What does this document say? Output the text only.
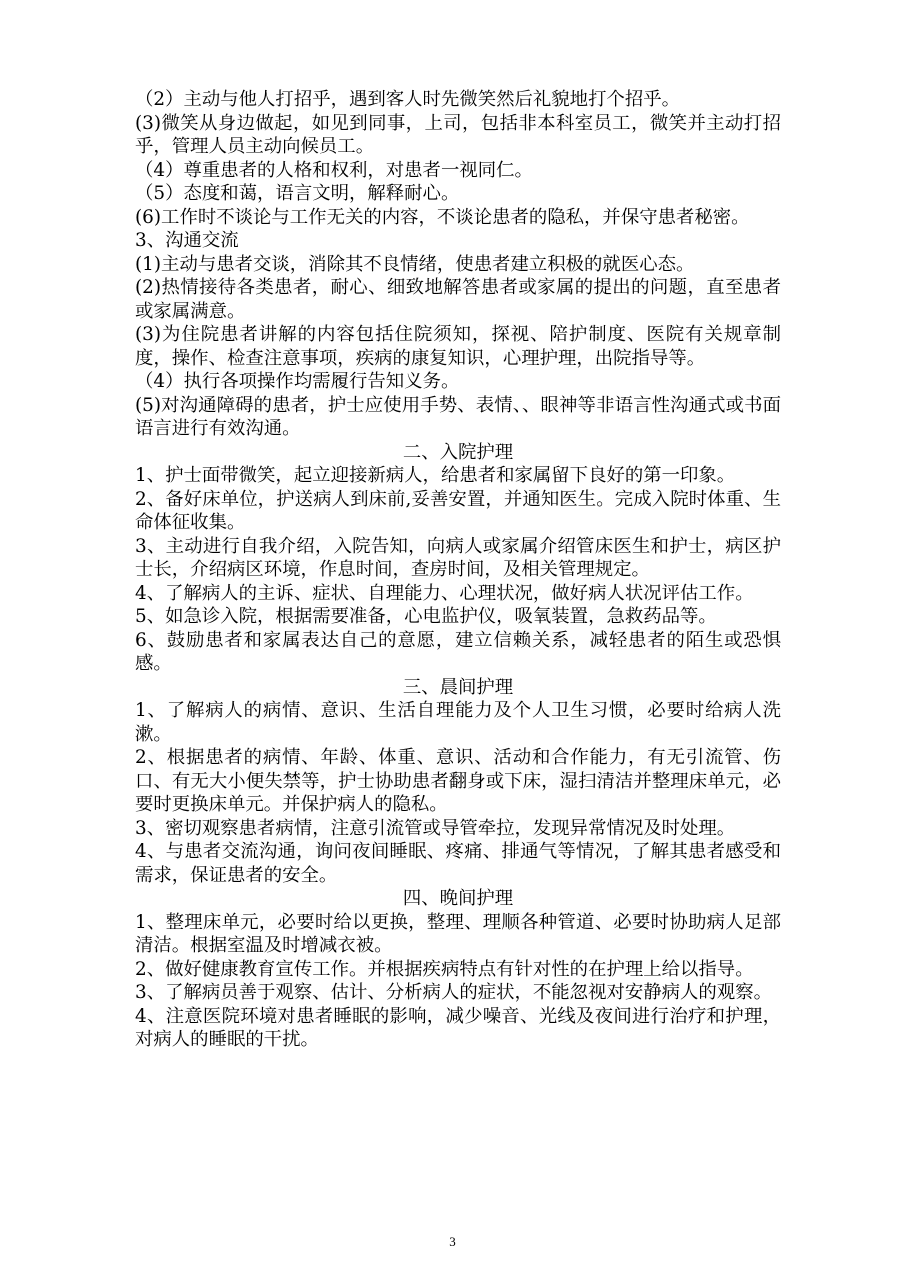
（2）主动与他人打招乎，遇到客人时先微笑然后礼貌地打个招乎。

(3)微笑从身边做起，如见到同事，上司，包括非本科室员工，微笑并主动打招乎，管理人员主动向候员工。

（4）尊重患者的人格和权利，对患者一视同仁。

（5）态度和蔼，语言文明，解释耐心。

(6)工作时不谈论与工作无关的内容，不谈论患者的隐私，并保守患者秘密。

3、沟通交流

(1)主动与患者交谈，消除其不良情绪，使患者建立积极的就医心态。

(2)热情接待各类患者，耐心、细致地解答患者或家属的提出的问题，直至患者或家属满意。

(3)为住院患者讲解的内容包括住院须知，探视、陪护制度、医院有关规章制度，操作、检查注意事项，疾病的康复知识，心理护理，出院指导等。

（4）执行各项操作均需履行告知义务。

(5)对沟通障碍的患者，护士应使用手势、表情、、眼神等非语言性沟通式或书面语言进行有效沟通。

二、入院护理

1、护士面带微笑，起立迎接新病人，给患者和家属留下良好的第一印象。

2、备好床单位，护送病人到床前,妥善安置，并通知医生。完成入院时体重、生命体征收集。

3、主动进行自我介绍，入院告知，向病人或家属介绍管床医生和护士，病区护士长，介绍病区环境，作息时间，查房时间，及相关管理规定。

4、了解病人的主诉、症状、自理能力、心理状况，做好病人状况评估工作。

5、如急诊入院，根据需要准备，心电监护仪，吸氧装置，急救药品等。

6、鼓励患者和家属表达自己的意愿，建立信赖关系，减轻患者的陌生或恐惧感。

三、晨间护理

1、了解病人的病情、意识、生活自理能力及个人卫生习惯，必要时给病人洗漱。

2、根据患者的病情、年龄、体重、意识、活动和合作能力，有无引流管、伤口、有无大小便失禁等，护士协助患者翻身或下床，湿扫清洁并整理床单元，必要时更换床单元。并保护病人的隐私。

3、密切观察患者病情，注意引流管或导管牵拉，发现异常情况及时处理。

4、与患者交流沟通，询问夜间睡眠、疼痛、排通气等情况，了解其患者感受和需求，保证患者的安全。

四、晚间护理

1、整理床单元，必要时给以更换，整理、理顺各种管道、必要时协助病人足部清洁。根据室温及时增减衣被。

2、做好健康教育宣传工作。并根据疾病特点有针对性的在护理上给以指导。

3、了解病员善于观察、估计、分析病人的症状，不能忽视对安静病人的观察。

4、注意医院环境对患者睡眠的影响，减少噪音、光线及夜间进行治疗和护理，对病人的睡眠的干扰。

3
